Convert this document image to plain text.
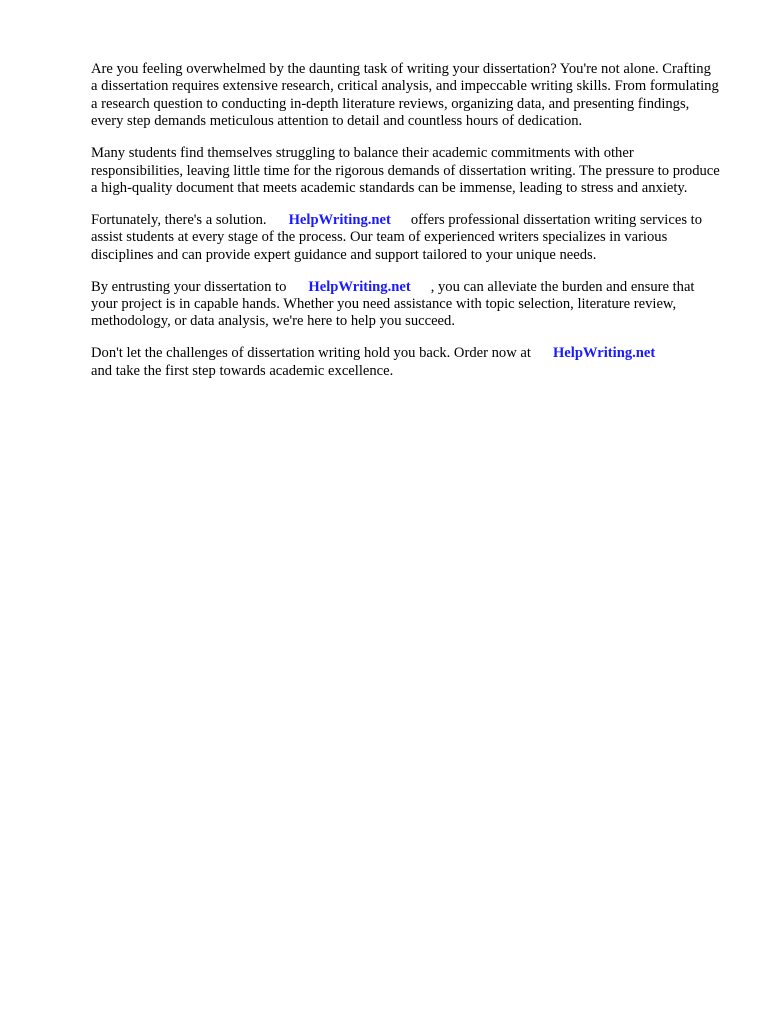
Are you feeling overwhelmed by the daunting task of writing your dissertation? You're not alone. Crafting a dissertation requires extensive research, critical analysis, and impeccable writing skills. From formulating a research question to conducting in-depth literature reviews, organizing data, and presenting findings, every step demands meticulous attention to detail and countless hours of dedication.

Many students find themselves struggling to balance their academic commitments with other responsibilities, leaving little time for the rigorous demands of dissertation writing. The pressure to produce a high-quality document that meets academic standards can be immense, leading to stress and anxiety.

Fortunately, there's a solution. HelpWriting.net offers professional dissertation writing services to assist students at every stage of the process. Our team of experienced writers specializes in various disciplines and can provide expert guidance and support tailored to your unique needs.

By entrusting your dissertation to HelpWriting.net , you can alleviate the burden and ensure that your project is in capable hands. Whether you need assistance with topic selection, literature review, methodology, or data analysis, we're here to help you succeed.

Don't let the challenges of dissertation writing hold you back. Order now at HelpWriting.net
and take the first step towards academic excellence.
